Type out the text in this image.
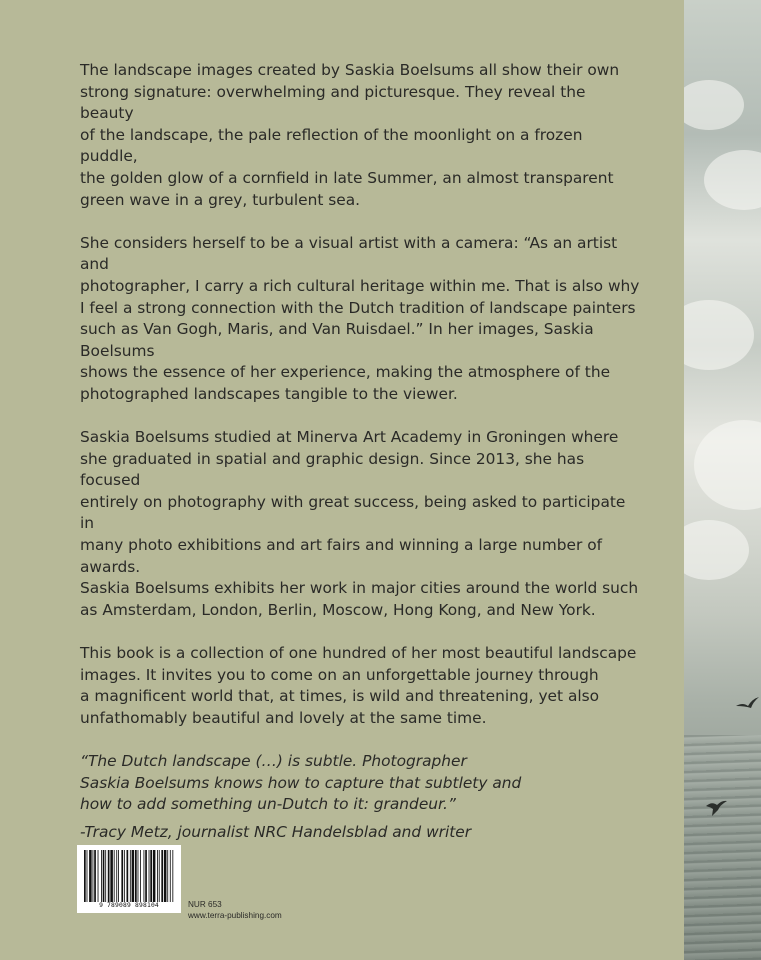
The landscape images created by Saskia Boelsums all show their own
strong signature: overwhelming and picturesque. They reveal the beauty
of the landscape, the pale reflection of the moonlight on a frozen puddle,
the golden glow of a cornfield in late Summer, an almost transparent
green wave in a grey, turbulent sea.

She considers herself to be a visual artist with a camera: “As an artist and
photographer, I carry a rich cultural heritage within me. That is also why
I feel a strong connection with the Dutch tradition of landscape painters
such as Van Gogh, Maris, and Van Ruisdael.” In her images, Saskia Boelsums
shows the essence of her experience, making the atmosphere of the
photographed landscapes tangible to the viewer.

Saskia Boelsums studied at Minerva Art Academy in Groningen where
she graduated in spatial and graphic design. Since 2013, she has focused
entirely on photography with great success, being asked to participate in
many photo exhibitions and art fairs and winning a large number of awards.
Saskia Boelsums exhibits her work in major cities around the world such
as Amsterdam, London, Berlin, Moscow, Hong Kong, and New York.

This book is a collection of one hundred of her most beautiful landscape
images. It invites you to come on an unforgettable journey through
a magnificent world that, at times, is wild and threatening, yet also
unfathomably beautiful and lovely at the same time.

“The Dutch landscape (…) is subtle. Photographer
Saskia Boelsums knows how to capture that subtlety and
how to add something un-Dutch to it: grandeur.”

-Tracy Metz, journalist NRC Handelsblad and writer

9 789089 898104	NUR 653
www.terra-publishing.com
